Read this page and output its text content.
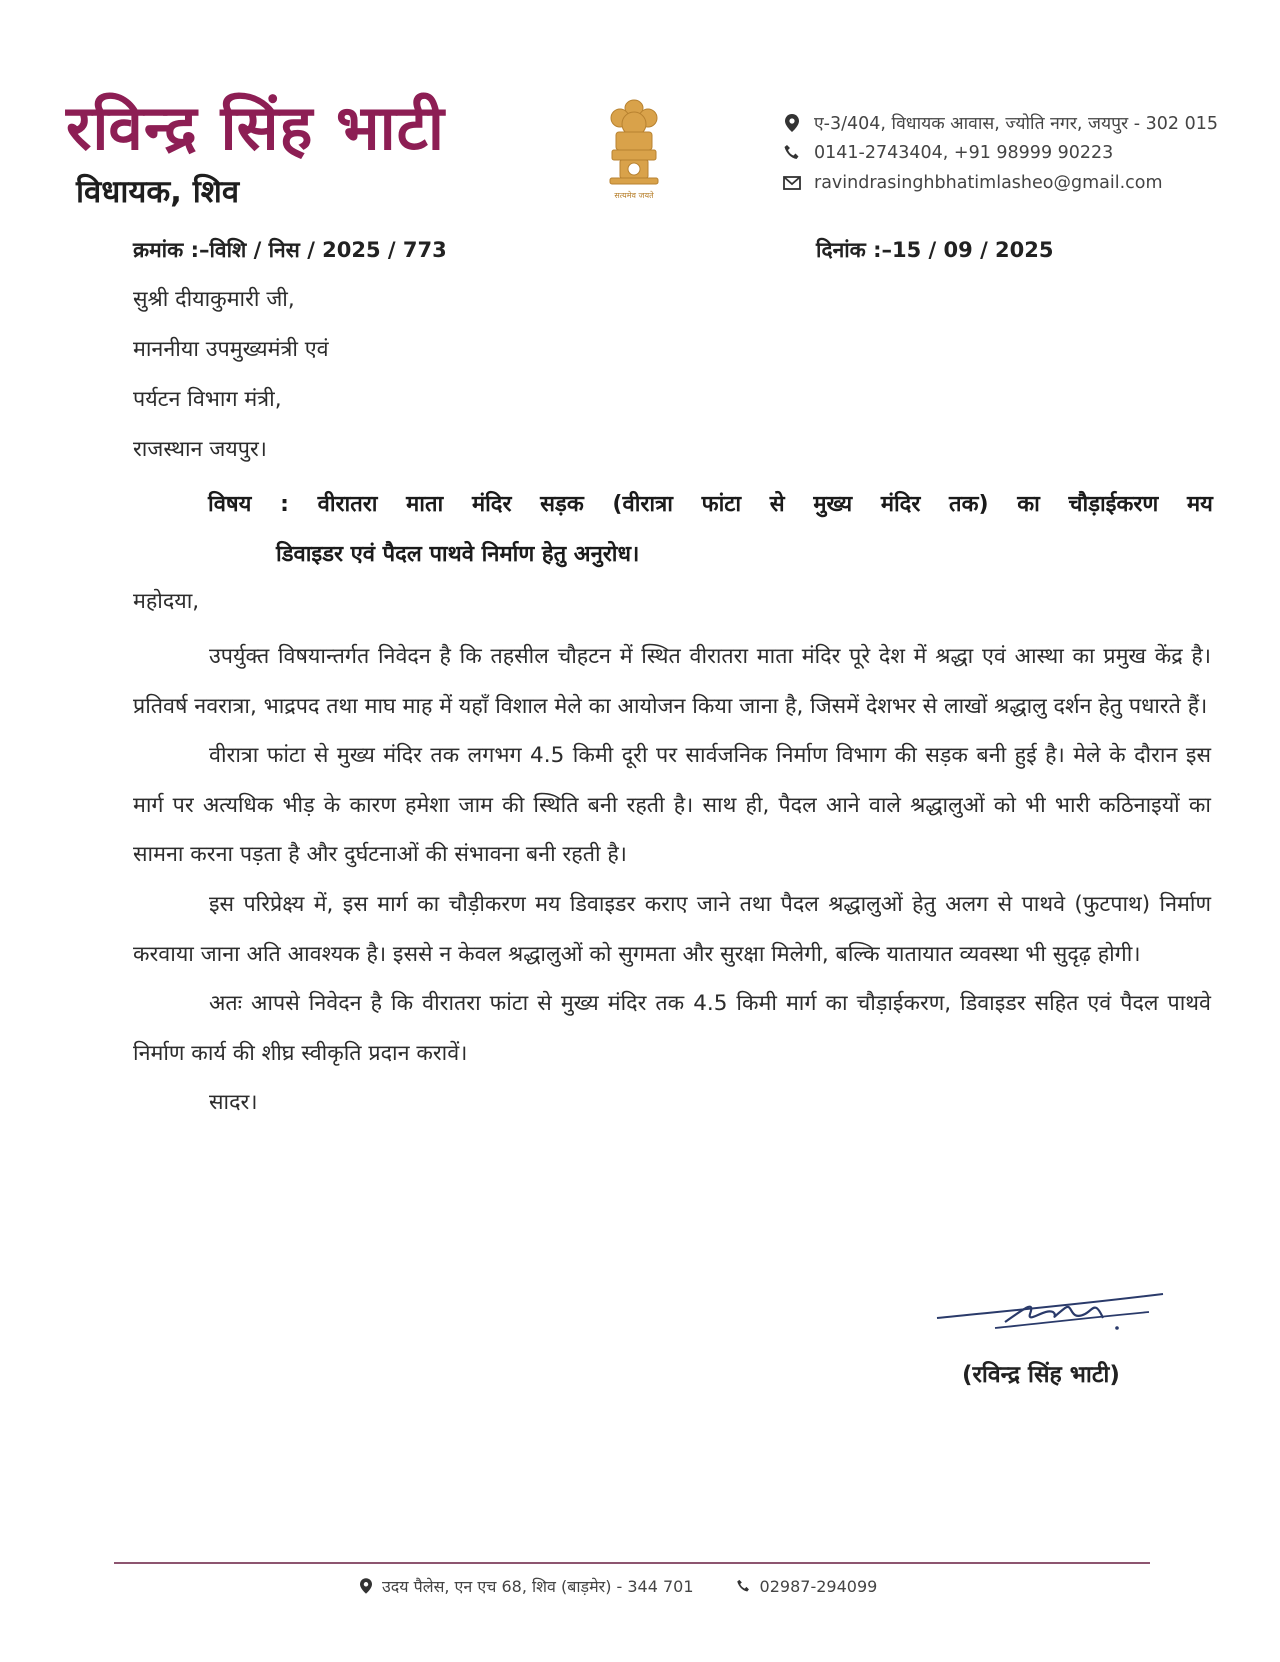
रविन्द्र सिंह भाटी
विधायक, शिव	सत्यमेव जयते
ए-3/404, विधायक आवास, ज्योति नगर, जयपुर - 302 015
0141-2743404, +91 98999 90223
ravindrasinghbhatimlasheo@gmail.com
क्रमांक :–विशि / निस / 2025 / 773	दिनांक :–15 / 09 / 2025
सुश्री दीयाकुमारी जी,
माननीया उपमुख्यमंत्री एवं
पर्यटन विभाग मंत्री,
राजस्थान जयपुर।
विषय : वीरातरा माता मंदिर सड़क (वीरात्रा फांटा से मुख्य मंदिर तक) का चौड़ाईकरण मय
डिवाइडर एवं पैदल पाथवे निर्माण हेतु अनुरोध।
महोदया,

उपर्युक्त विषयान्तर्गत निवेदन है कि तहसील चौहटन में स्थित वीरातरा माता मंदिर पूरे देश में श्रद्धा एवं आस्था का प्रमुख केंद्र है। प्रतिवर्ष नवरात्रा, भाद्रपद तथा माघ माह में यहाँ विशाल मेले का आयोजन किया जाना है, जिसमें देशभर से लाखों श्रद्धालु दर्शन हेतु पधारते हैं।

वीरात्रा फांटा से मुख्य मंदिर तक लगभग 4.5 किमी दूरी पर सार्वजनिक निर्माण विभाग की सड़क बनी हुई है। मेले के दौरान इस मार्ग पर अत्यधिक भीड़ के कारण हमेशा जाम की स्थिति बनी रहती है। साथ ही, पैदल आने वाले श्रद्धालुओं को भी भारी कठिनाइयों का सामना करना पड़ता है और दुर्घटनाओं की संभावना बनी रहती है।

इस परिप्रेक्ष्य में, इस मार्ग का चौड़ीकरण मय डिवाइडर कराए जाने तथा पैदल श्रद्धालुओं हेतु अलग से पाथवे (फुटपाथ) निर्माण करवाया जाना अति आवश्यक है। इससे न केवल श्रद्धालुओं को सुगमता और सुरक्षा मिलेगी, बल्कि यातायात व्यवस्था भी सुदृढ़ होगी।

अतः आपसे निवेदन है कि वीरातरा फांटा से मुख्य मंदिर तक 4.5 किमी मार्ग का चौड़ाईकरण, डिवाइडर सहित एवं पैदल पाथवे निर्माण कार्य की शीघ्र स्वीकृति प्रदान करावें।

सादर।
(रविन्द्र सिंह भाटी)
उदय पैलेस, एन एच 68, शिव (बाड़मेर) - 344 701	02987-294099
